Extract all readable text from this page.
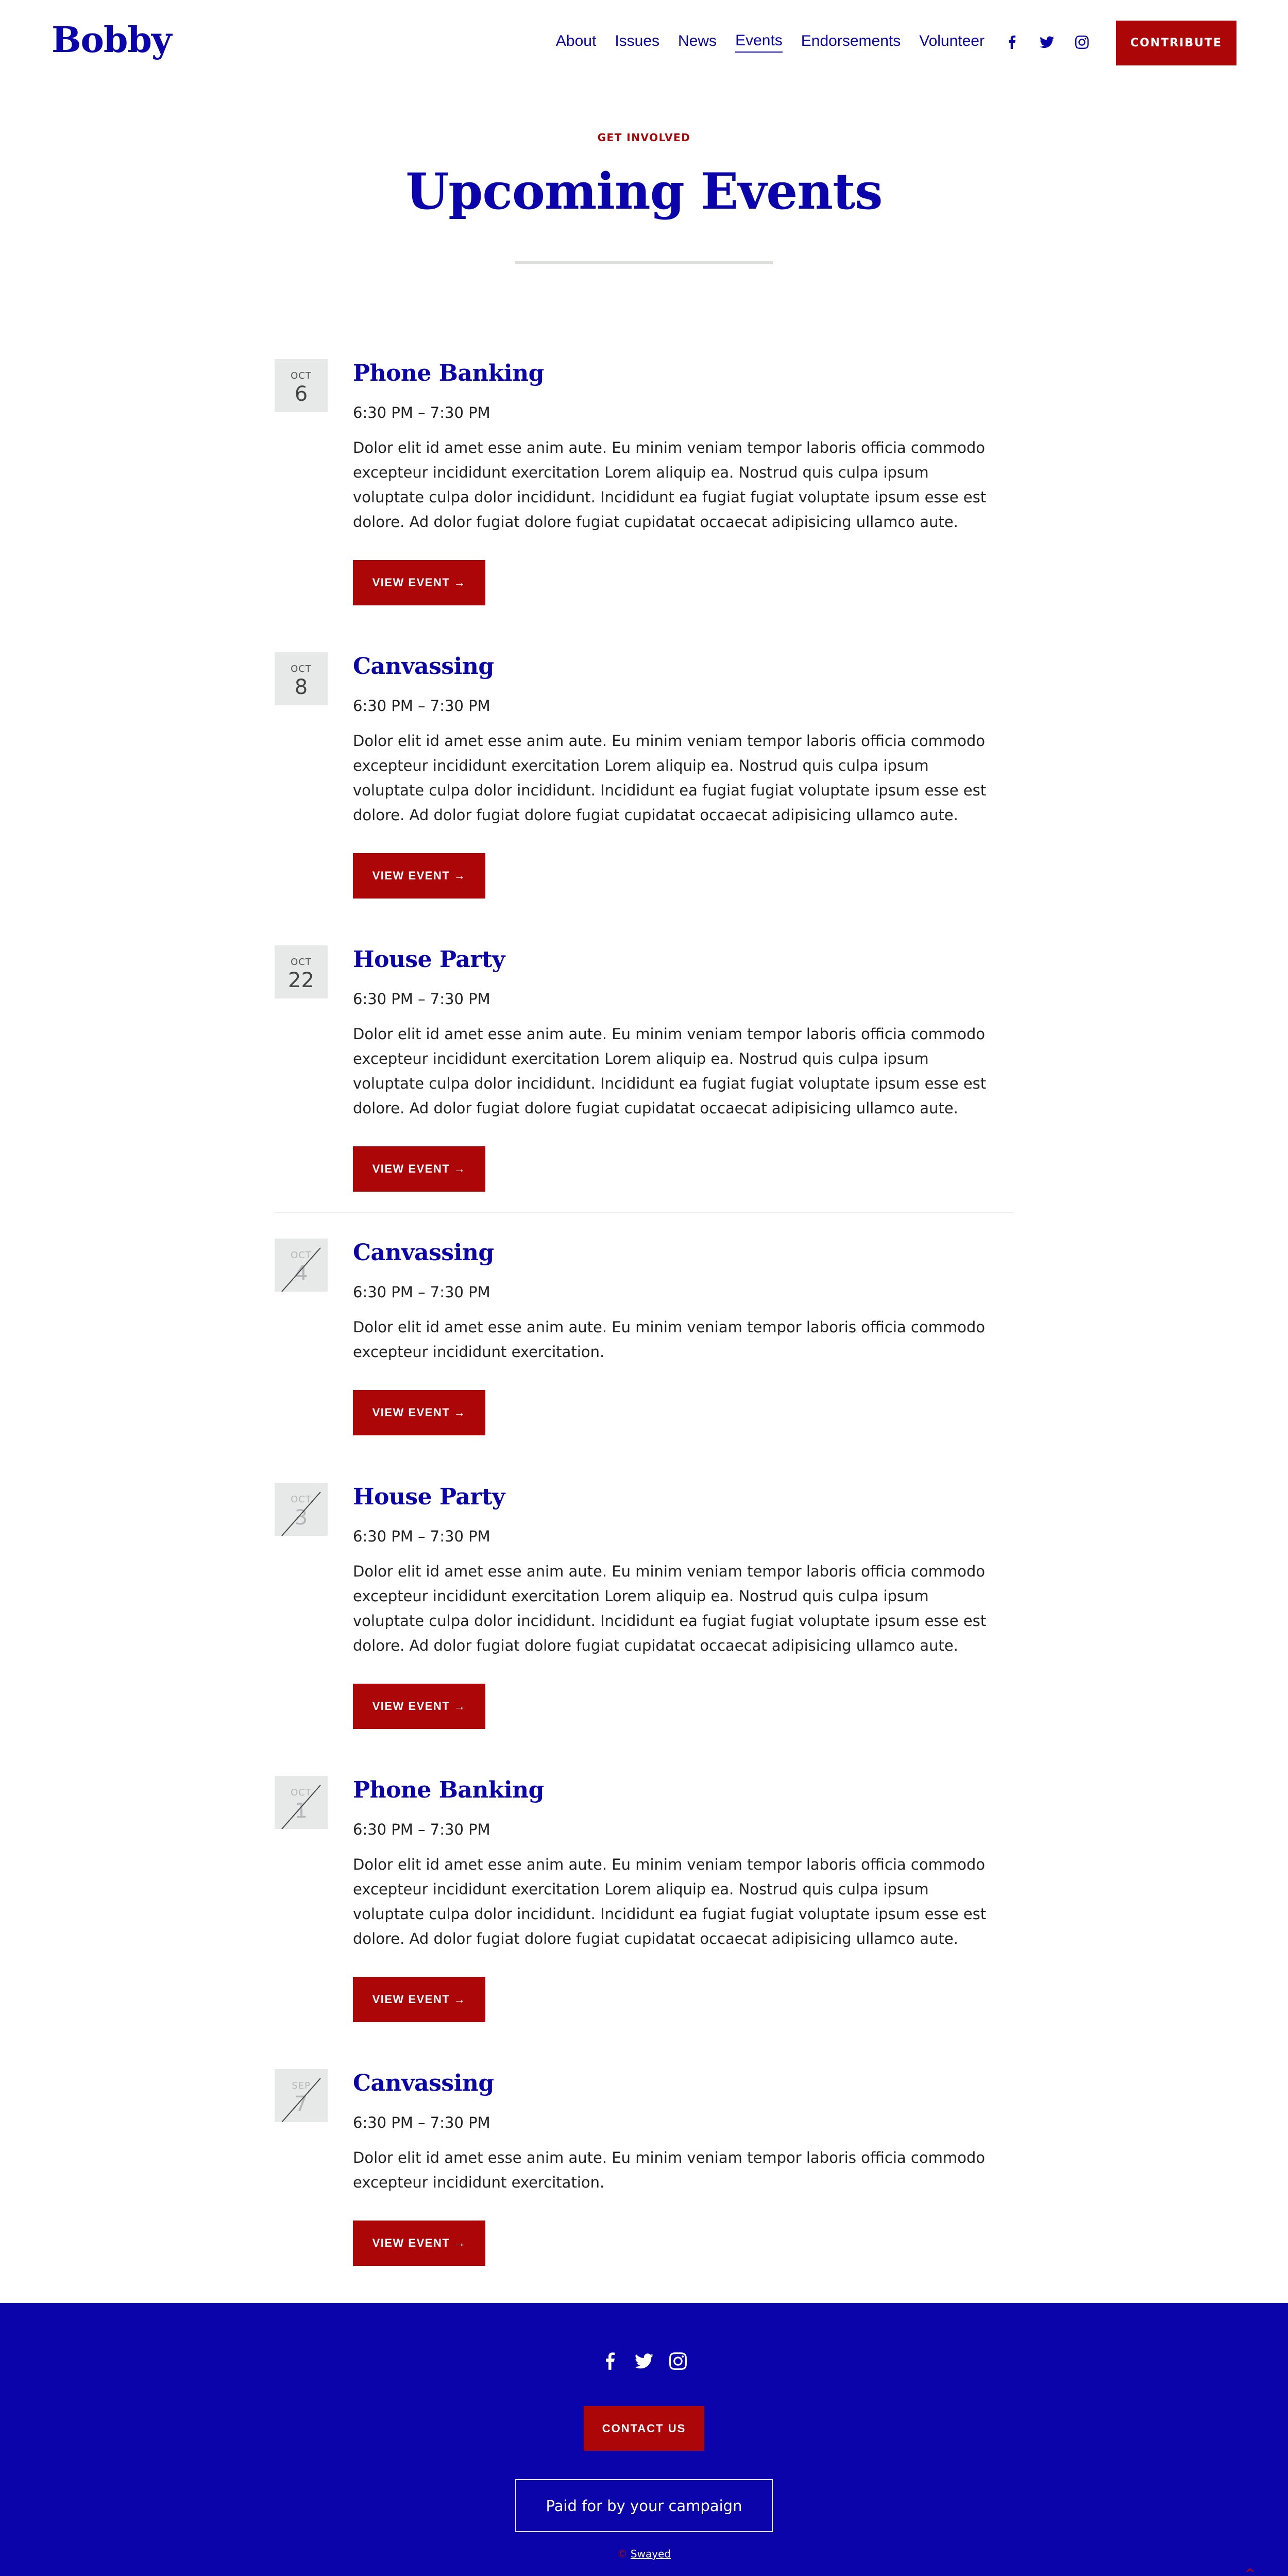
Bobby	About Issues News Events Endorsements Volunteer	CONTRIBUTE
GET INVOLVED
Upcoming Events
OCT
6
Phone Banking
6:30 PM – 7:30 PM
Dolor elit id amet esse anim aute. Eu minim veniam tempor laboris officia commodo excepteur incididunt exercitation Lorem aliquip ea. Nostrud quis culpa ipsum voluptate culpa dolor incididunt. Incididunt ea fugiat fugiat voluptate ipsum esse est dolore. Ad dolor fugiat dolore fugiat cupidatat occaecat adipisicing ullamco aute.
VIEW EVENT →
OCT
8
Canvassing
6:30 PM – 7:30 PM
Dolor elit id amet esse anim aute. Eu minim veniam tempor laboris officia commodo excepteur incididunt exercitation Lorem aliquip ea. Nostrud quis culpa ipsum voluptate culpa dolor incididunt. Incididunt ea fugiat fugiat voluptate ipsum esse est dolore. Ad dolor fugiat dolore fugiat cupidatat occaecat adipisicing ullamco aute.
VIEW EVENT →
OCT
22
House Party
6:30 PM – 7:30 PM
Dolor elit id amet esse anim aute. Eu minim veniam tempor laboris officia commodo excepteur incididunt exercitation Lorem aliquip ea. Nostrud quis culpa ipsum voluptate culpa dolor incididunt. Incididunt ea fugiat fugiat voluptate ipsum esse est dolore. Ad dolor fugiat dolore fugiat cupidatat occaecat adipisicing ullamco aute.
VIEW EVENT →
OCT
4
Canvassing
6:30 PM – 7:30 PM
Dolor elit id amet esse anim aute. Eu minim veniam tempor laboris officia commodo excepteur incididunt exercitation.
VIEW EVENT →
OCT
3
House Party
6:30 PM – 7:30 PM
Dolor elit id amet esse anim aute. Eu minim veniam tempor laboris officia commodo excepteur incididunt exercitation Lorem aliquip ea. Nostrud quis culpa ipsum voluptate culpa dolor incididunt. Incididunt ea fugiat fugiat voluptate ipsum esse est dolore. Ad dolor fugiat dolore fugiat cupidatat occaecat adipisicing ullamco aute.
VIEW EVENT →
OCT
1
Phone Banking
6:30 PM – 7:30 PM
Dolor elit id amet esse anim aute. Eu minim veniam tempor laboris officia commodo excepteur incididunt exercitation Lorem aliquip ea. Nostrud quis culpa ipsum voluptate culpa dolor incididunt. Incididunt ea fugiat fugiat voluptate ipsum esse est dolore. Ad dolor fugiat dolore fugiat cupidatat occaecat adipisicing ullamco aute.
VIEW EVENT →
SEP
7
Canvassing
6:30 PM – 7:30 PM
Dolor elit id amet esse anim aute. Eu minim veniam tempor laboris officia commodo excepteur incididunt exercitation.
VIEW EVENT →
CONTACT US
Paid for by your campaign
© Swayed
^
